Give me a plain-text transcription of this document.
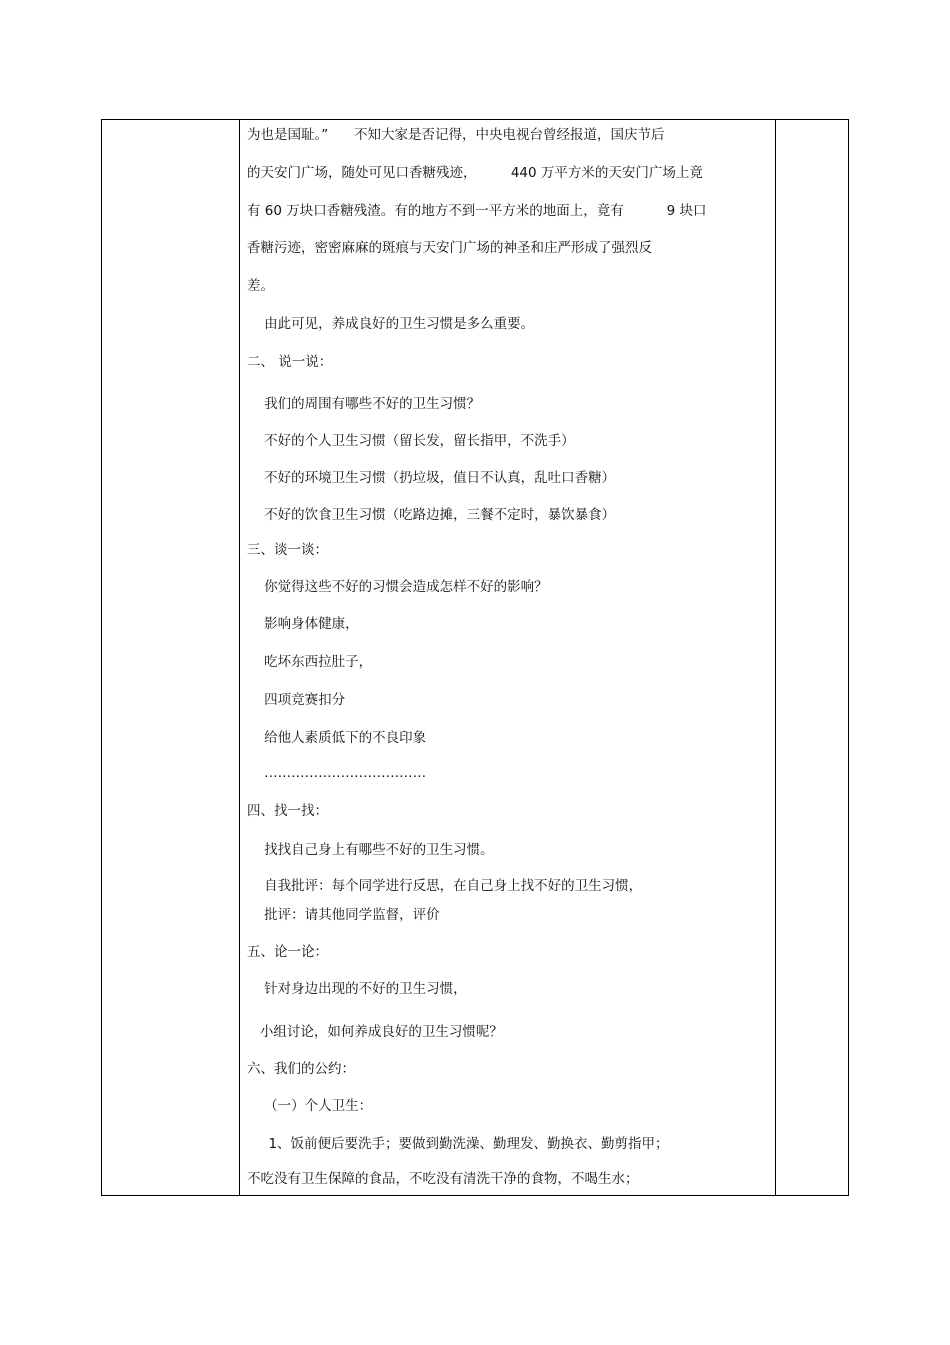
为也是国耻。”      不知大家是否记得，中央电视台曾经报道，国庆节后
的天安门广场，随处可见口香糖残迹，        440 万平方米的天安门广场上竟
有 60 万块口香糖残渣。有的地方不到一平方米的地面上，竟有          9 块口
香糖污迹，密密麻麻的斑痕与天安门广场的神圣和庄严形成了强烈反
差。
由此可见，养成良好的卫生习惯是多么重要。
二、 说一说：
我们的周围有哪些不好的卫生习惯？
不好的个人卫生习惯（留长发，留长指甲，不洗手）
不好的环境卫生习惯（扔垃圾，值日不认真，乱吐口香糖）
不好的饮食卫生习惯（吃路边摊，三餐不定时，暴饮暴食）
三、谈一谈：
你觉得这些不好的习惯会造成怎样不好的影响？
影响身体健康，
吃坏东西拉肚子，
四项竞赛扣分
给他人素质低下的不良印象
………………………………
四、找一找：
找找自己身上有哪些不好的卫生习惯。
自我批评：每个同学进行反思，在自己身上找不好的卫生习惯，
批评：请其他同学监督，评价
五、论一论：
针对身边出现的不好的卫生习惯，
小组讨论，如何养成良好的卫生习惯呢？
六、我们的公约：
（一）个人卫生：
1、饭前便后要洗手；要做到勤洗澡、勤理发、勤换衣、勤剪指甲；
不吃没有卫生保障的食品，不吃没有清洗干净的食物，不喝生水；
